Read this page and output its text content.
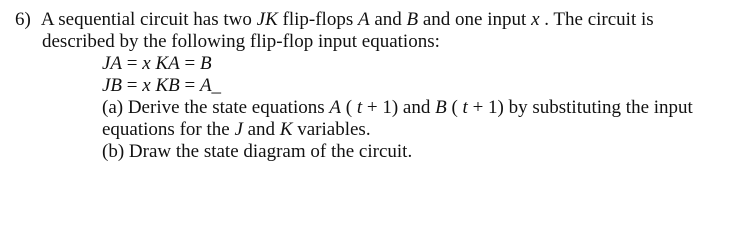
6) A sequential circuit has two JK flip-flops A and B and one input x . The circuit is
described by the following flip-flop input equations:
JA = x KA = B
JB = x KB = A_
(a) Derive the state equations A ( t + 1) and B ( t + 1) by substituting the input
equations for the J and K variables.
(b) Draw the state diagram of the circuit.
